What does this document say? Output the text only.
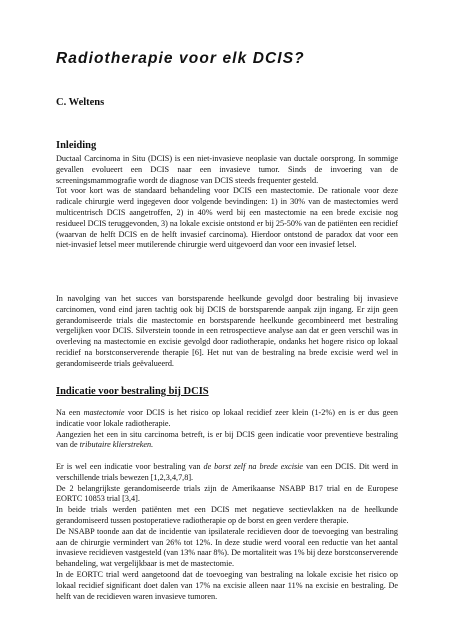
Radiotherapie voor elk DCIS?
C. Weltens
Inleiding

Ductaal Carcinoma in Situ (DCIS) is een niet-invasieve neoplasie van ductale oorsprong. In sommige gevallen evolueert een DCIS naar een invasieve tumor. Sinds de invoering van de screeningsmammografie wordt de diagnose van DCIS steeds frequenter gesteld.

Tot voor kort was de standaard behandeling voor DCIS een mastectomie. De rationale voor deze radicale chirurgie werd ingegeven door volgende bevindingen: 1) in 30% van de mastectomies werd multicentrisch DCIS aangetroffen, 2) in 40% werd bij een mastectomie na een brede excisie nog residueel DCIS teruggevonden, 3) na lokale excisie ontstond er bij 25-50% van de patiënten een recidief (waarvan de helft DCIS en de helft invasief carcinoma). Hierdoor ontstond de paradox dat voor een niet-invasief letsel meer mutilerende chirurgie werd uitgevoerd dan voor een invasief letsel.

In navolging van het succes van borstsparende heelkunde gevolgd door bestraling bij invasieve carcinomen, vond eind jaren tachtig ook bij DCIS de borstsparende aanpak zijn ingang. Er zijn geen gerandomiseerde trials die mastectomie en borstsparende heelkunde gecombineerd met bestraling vergelijken voor DCIS. Silverstein toonde in een retrospectieve analyse aan dat er geen verschil was in overleving na mastectomie en excisie gevolgd door radiotherapie, ondanks het hogere risico op lokaal recidief na borstconserverende therapie [6]. Het nut van de bestraling na brede excisie werd wel in gerandomiseerde trials geëvalueerd.

Indicatie voor bestraling bij DCIS

Na een mastectomie voor DCIS is het risico op lokaal recidief zeer klein (1-2%) en is er dus geen indicatie voor lokale radiotherapie.

Aangezien het een in situ carcinoma betreft, is er bij DCIS geen indicatie voor preventieve bestraling van de tributaire klierstreken.

Er is wel een indicatie voor bestraling van de borst zelf na brede excisie van een DCIS. Dit werd in verschillende trials bewezen [1,2,3,4,7,8].

De 2 belangrijkste gerandomiseerde trials zijn de Amerikaanse NSABP B17 trial en de Europese EORTC 10853 trial [3,4].

In beide trials werden patiënten met een DCIS met negatieve sectievlakken na de heelkunde gerandomiseerd tussen postoperatieve radiotherapie op de borst en geen verdere therapie.

De NSABP toonde aan dat de incidentie van ipsilaterale recidieven door de toevoeging van bestraling aan de chirurgie vermindert van 26% tot 12%. In deze studie werd vooral een reductie van het aantal invasieve recidieven vastgesteld (van 13% naar 8%). De mortaliteit was 1% bij deze borstconserverende behandeling, wat vergelijkbaar is met de mastectomie.

In de EORTC trial werd aangetoond dat de toevoeging van bestraling na lokale excisie het risico op lokaal recidief significant doet dalen van 17% na excisie alleen naar 11% na excisie en bestraling. De helft van de recidieven waren invasieve tumoren.
